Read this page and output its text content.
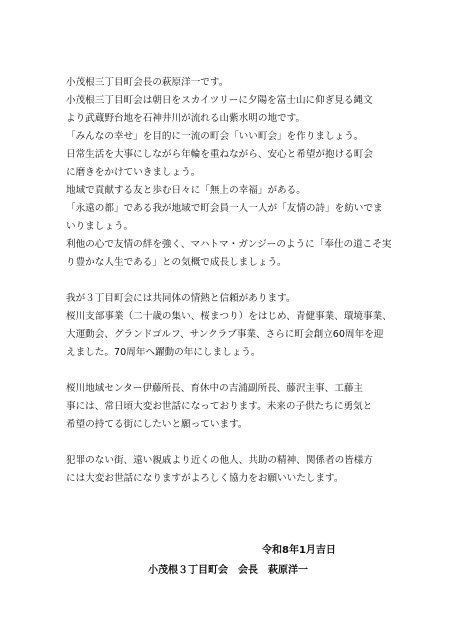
小茂根三丁目町会長の萩原洋一です。
小茂根三丁目町会は朝日をスカイツリーに夕陽を富士山に仰ぎ見る縄文
より武蔵野台地を石神井川が流れる山紫水明の地です。
「みんなの幸せ」を目的に一流の町会「いい町会」を作りましょう。
日常生活を大事にしながら年輪を重ねながら、安心と希望が抱ける町会
に磨きをかけていきましょう。
地域で貢献する友と歩む日々に「無上の幸福」がある。
「永遠の都」である我が地域で町会員一人一人が「友情の詩」を紡いでま
いりましょう。
利他の心で友情の絆を強く、マハトマ・ガンジーのように「奉仕の道こそ実
り豊かな人生である」との気概で成長しましょう。
我が３丁目町会には共同体の情熱と信頼があります。
桜川支部事業（二十歳の集い、桜まつり）をはじめ、青健事業、環境事業、
大運動会、グランドゴルフ、サンクラブ事業、さらに町会創立60周年を迎
えました。70周年へ躍動の年にしましょう。
桜川地域センター伊藤所長、育休中の吉浦副所長、藤沢主事、工藤主
事には、常日頃大変お世話になっております。未来の子供たちに勇気と
希望の持てる街にしたいと願っています。
犯罪のない街、遠い親戚より近くの他人、共助の精神、関係者の皆様方
には大変お世話になりますがよろしく協力をお願いいたします。
令和8年1月吉日
小茂根３丁目町会　会長　萩原洋一
